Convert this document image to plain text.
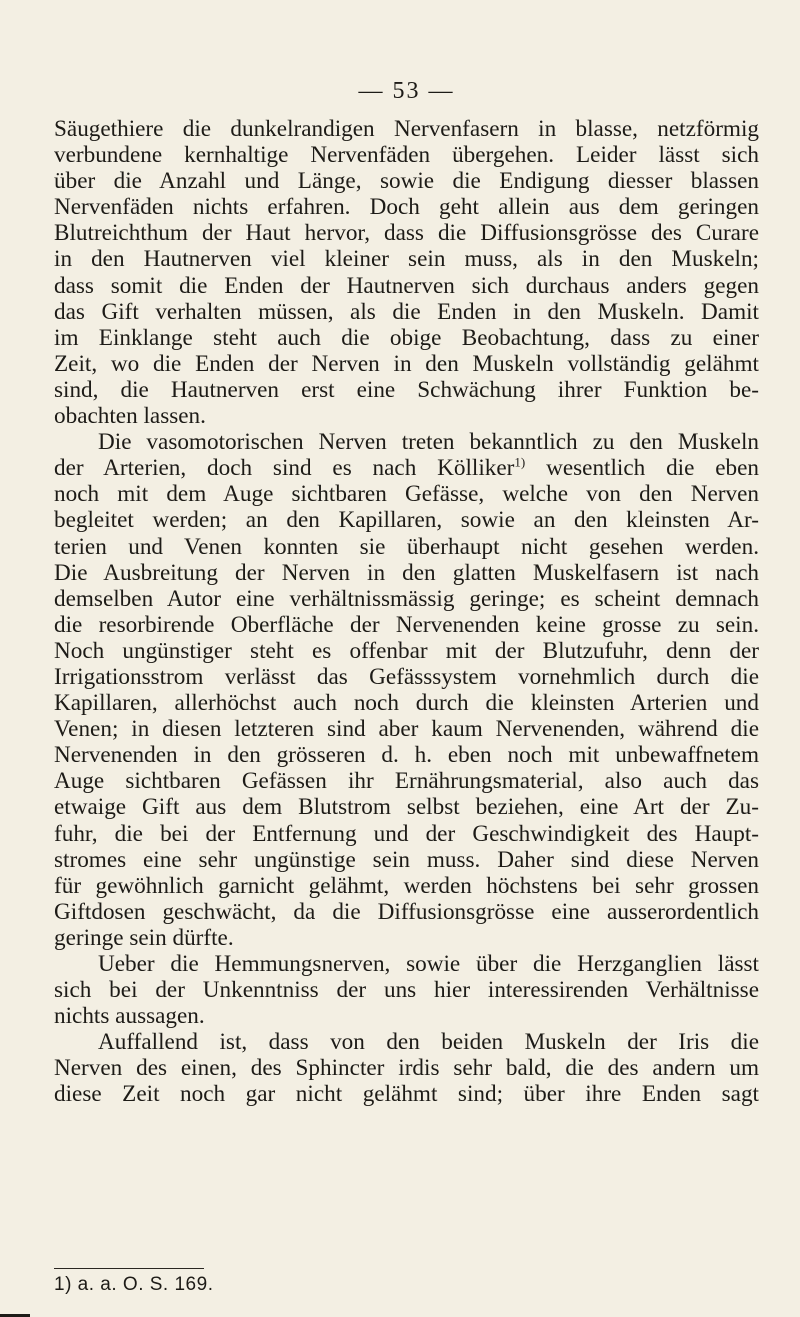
— 53 —
Säugethiere die dunkelrandigen Nervenfasern in blasse, netzförmig
verbundene kernhaltige Nervenfäden übergehen. Leider lässt sich
über die Anzahl und Länge, sowie die Endigung diesser blassen
Nervenfäden nichts erfahren. Doch geht allein aus dem geringen
Blutreichthum der Haut hervor, dass die Diffusionsgrösse des Curare
in den Hautnerven viel kleiner sein muss, als in den Muskeln;
dass somit die Enden der Hautnerven sich durchaus anders gegen
das Gift verhalten müssen, als die Enden in den Muskeln. Damit
im Einklange steht auch die obige Beobachtung, dass zu einer
Zeit, wo die Enden der Nerven in den Muskeln vollständig gelähmt
sind, die Hautnerven erst eine Schwächung ihrer Funktion be-
obachten lassen.
Die vasomotorischen Nerven treten bekanntlich zu den Muskeln
der Arterien, doch sind es nach Kölliker$^{1)}$ wesentlich die eben
noch mit dem Auge sichtbaren Gefässe, welche von den Nerven
begleitet werden; an den Kapillaren, sowie an den kleinsten Ar-
terien und Venen konnten sie überhaupt nicht gesehen werden.
Die Ausbreitung der Nerven in den glatten Muskelfasern ist nach
demselben Autor eine verhältnissmässig geringe; es scheint demnach
die resorbirende Oberfläche der Nervenenden keine grosse zu sein.
Noch ungünstiger steht es offenbar mit der Blutzufuhr, denn der
Irrigationsstrom verlässt das Gefässsystem vornehmlich durch die
Kapillaren, allerhöchst auch noch durch die kleinsten Arterien und
Venen; in diesen letzteren sind aber kaum Nervenenden, während die
Nervenenden in den grösseren d. h. eben noch mit unbewaffnetem
Auge sichtbaren Gefässen ihr Ernährungsmaterial, also auch das
etwaige Gift aus dem Blutstrom selbst beziehen, eine Art der Zu-
fuhr, die bei der Entfernung und der Geschwindigkeit des Haupt-
stromes eine sehr ungünstige sein muss. Daher sind diese Nerven
für gewöhnlich garnicht gelähmt, werden höchstens bei sehr grossen
Giftdosen geschwächt, da die Diffusionsgrösse eine ausserordentlich
geringe sein dürfte.
Ueber die Hemmungsnerven, sowie über die Herzganglien lässt
sich bei der Unkenntniss der uns hier interessirenden Verhältnisse
nichts aussagen.
Auffallend ist, dass von den beiden Muskeln der Iris die
Nerven des einen, des Sphincter irdis sehr bald, die des andern um
diese Zeit noch gar nicht gelähmt sind; über ihre Enden sagt
1) a. a. O. S. 169.
